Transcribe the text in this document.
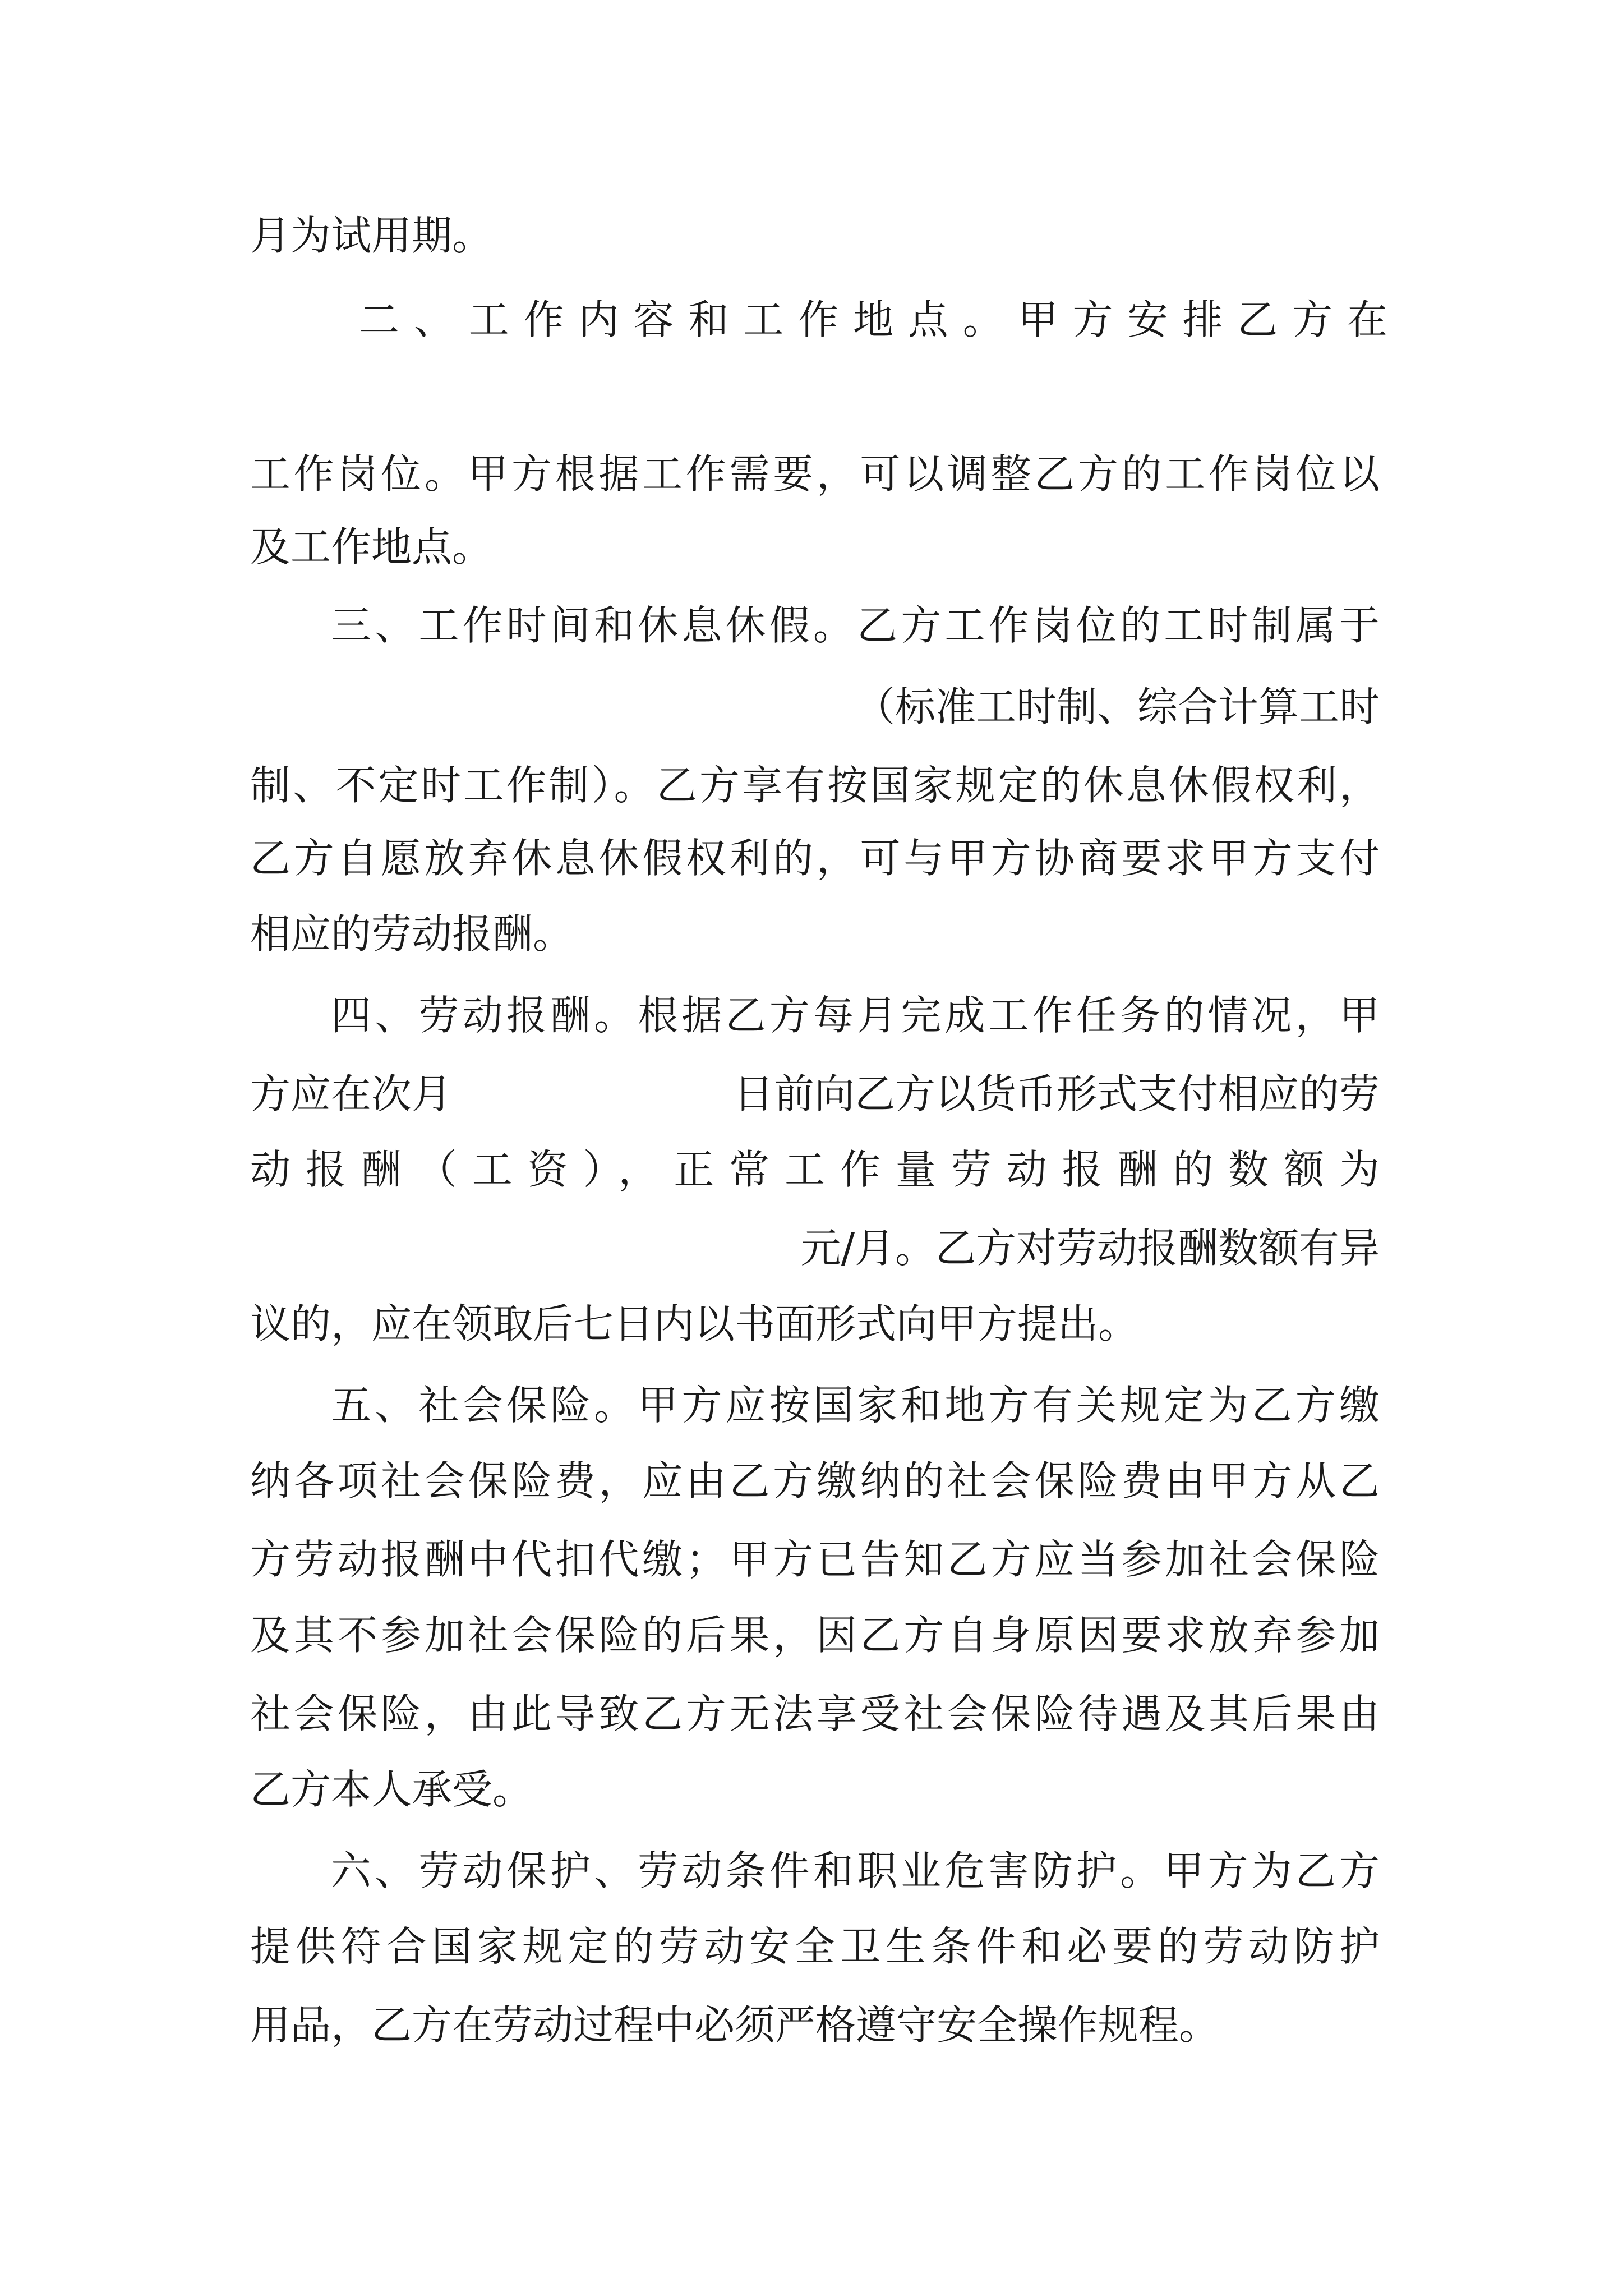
月为试用期。
二、工作内容和工作地点。甲方安排乙方在
工作岗位。甲方根据工作需要，可以调整乙方的工作岗位以
及工作地点。
三、工作时间和休息休假。乙方工作岗位的工时制属于
（标准工时制、综合计算工时
制、不定时工作制）。乙方享有按国家规定的休息休假权利，
乙方自愿放弃休息休假权利的，可与甲方协商要求甲方支付
相应的劳动报酬。
四、劳动报酬。根据乙方每月完成工作任务的情况，甲
方应在次月	日前向乙方以货币形式支付相应的劳
动报酬（工资），正常工作量劳动报酬的数额为
元/月。乙方对劳动报酬数额有异
议的，应在领取后七日内以书面形式向甲方提出。
五、社会保险。甲方应按国家和地方有关规定为乙方缴
纳各项社会保险费，应由乙方缴纳的社会保险费由甲方从乙
方劳动报酬中代扣代缴；甲方已告知乙方应当参加社会保险
及其不参加社会保险的后果，因乙方自身原因要求放弃参加
社会保险，由此导致乙方无法享受社会保险待遇及其后果由
乙方本人承受。
六、劳动保护、劳动条件和职业危害防护。甲方为乙方
提供符合国家规定的劳动安全卫生条件和必要的劳动防护
用品，乙方在劳动过程中必须严格遵守安全操作规程。
